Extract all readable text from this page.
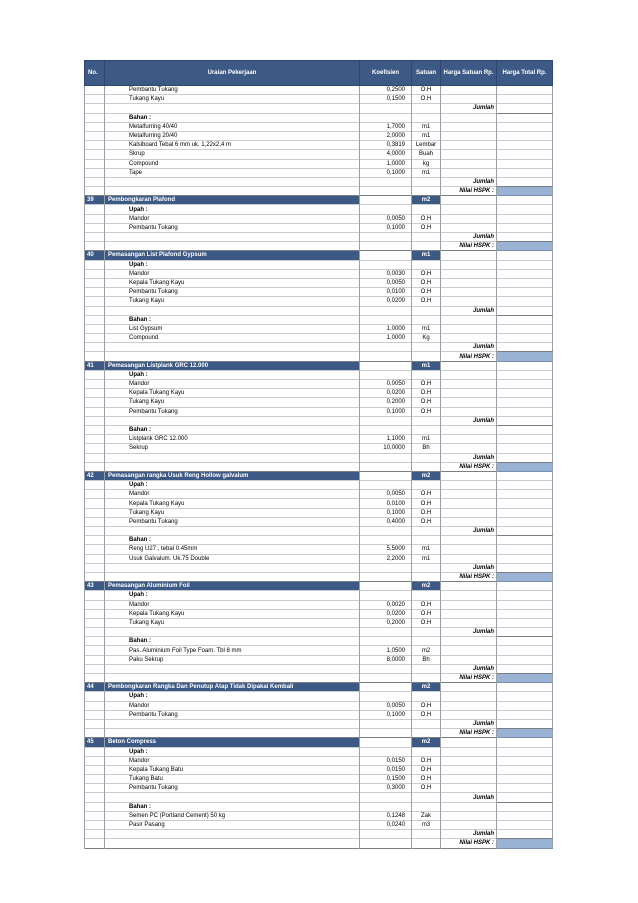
No.	Uraian Pekerjaan	Koefisien	Satuan	Harga Satuan Rp.	Harga Total Rp.
	Pembantu Tukang	0,2500	O.H		
	Tukang Kayu	0,1500	O.H		
				Jumlah	
	Bahan :				
	Metalfurring 40/40	1,7000	m1		
	Metalfurring 20/40	2,0000	m1		
	Kalsiboard Tebal 6 mm uk. 1,22x2,4 m	0,3819	Lembar		
	Skrup	4,0000	Buah		
	Compound	1,0000	kg		
	Tape	0,1000	m1		
				Jumlah	
				Nilai HSPK :	
39	Pembongkaran Plafond		m2		
	Upah :				
	Mandor	0,0050	O.H		
	Pembantu Tukang	0,1000	O.H		
				Jumlah	
				Nilai HSPK :	
40	Pemasangan List Plafond Gypsum		m1		
	Upah :				
	Mandor	0,0030	O.H		
	Kepala Tukang Kayu	0,0050	O.H		
	Pembantu Tukang	0,0100	O.H		
	Tukang Kayu	0,0200	O.H		
				Jumlah	
	Bahan :				
	List Gypsum	1,0000	m1		
	Compound	1,0000	Kg		
				Jumlah	
				Nilai HSPK :	
41	Pemasangan Listplank GRC 12.000		m1		
	Upah :				
	Mandor	0,0050	O.H		
	Kepala Tukang Kayu	0,0200	O.H		
	Tukang Kayu	0,2000	O.H		
	Pembantu Tukang	0,1000	O.H		
				Jumlah	
	Bahan :				
	Listplank GRC 12.000	1,1000	m1		
	Sekrup	10,0000	Bh		
				Jumlah	
				Nilai HSPK :	
42	Pemasangan rangka Usuk Reng Hollow galvalum		m2		
	Upah :				
	Mandor	0,0050	O.H		
	Kepala Tukang Kayu	0,0100	O.H		
	Tukang Kayu	0,1000	O.H		
	Pembantu Tukang	0,4000	O.H		
				Jumlah	
	Bahan :				
	Reng U27 , tebal 0.45mm	5,5000	m1		
	Usuk Galvalum. Uk.75 Double	2,2000	m1		
				Jumlah	
				Nilai HSPK :	
43	Pemasangan Aluminium Foil		m2		
	Upah :				
	Mandor	0,0020	O.H		
	Kepala Tukang Kayu	0,0200	O.H		
	Tukang Kayu	0,2000	O.H		
				Jumlah	
	Bahan :				
	Pas. Aluminium Foil Type Foam. Tbl 8 mm	1,0500	m2		
	Paku Sekrup	8,0000	Bh		
				Jumlah	
				Nilai HSPK :	
44	Pembongkaran Rangka Dan Penutup Atap Tidak Dipakai Kembali		m2		
	Upah :				
	Mandor	0,0050	O.H		
	Pembantu Tukang	0,1000	O.H		
				Jumlah	
				Nilai HSPK :	
45	Beton Compress		m2		
	Upah :				
	Mandor	0,0150	O.H		
	Kepala Tukang Batu	0,0150	O.H		
	Tukang Batu	0,1500	O.H		
	Pembantu Tukang	0,3000	O.H		
				Jumlah	
	Bahan :				
	Semen PC (Portland Cement) 50 kg	0,1248	Zak		
	Pasir Pasang	0,0240	m3		
				Jumlah	
				Nilai HSPK :	
